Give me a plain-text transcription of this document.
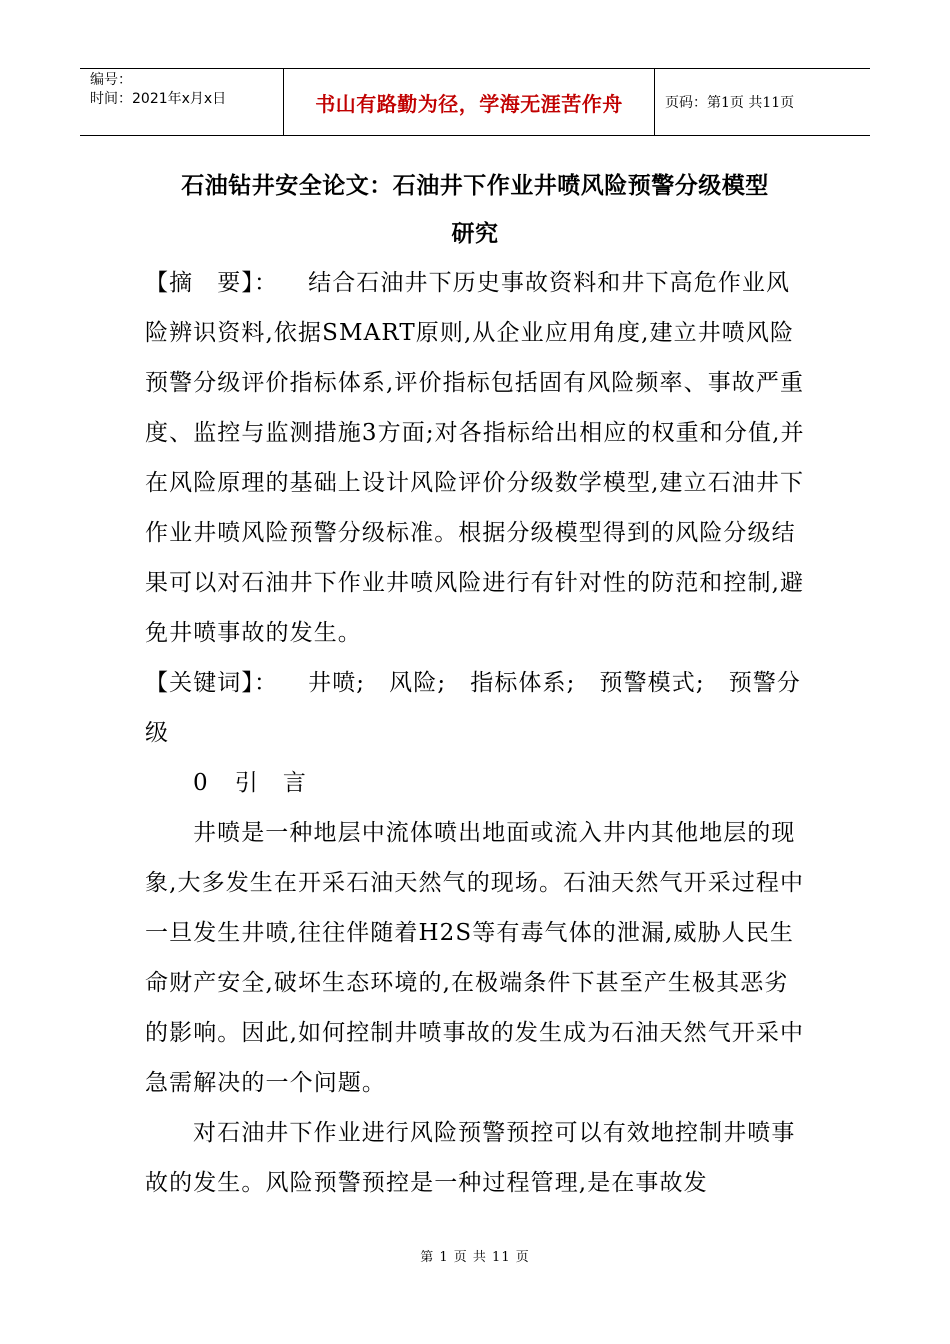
编号：
时间：2021年x月x日	书山有路勤为径，学海无涯苦作舟	页码：第1页 共11页
石油钻井安全论文：石油井下作业井喷风险预警分级模型
研究

【摘　要】： 结合石油井下历史事故资料和井下高危作业风险辨识资料,依据SMART原则,从企业应用角度,建立井喷风险预警分级评价指标体系,评价指标包括固有风险频率、事故严重度、监控与监测措施3方面;对各指标给出相应的权重和分值,并在风险原理的基础上设计风险评价分级数学模型,建立石油井下作业井喷风险预警分级标准。根据分级模型得到的风险分级结果可以对石油井下作业井喷风险进行有针对性的防范和控制,避免井喷事故的发生。

【关键词】： 井喷; 风险; 指标体系; 预警模式; 预警分级

0 引　言

井喷是一种地层中流体喷出地面或流入井内其他地层的现象,大多发生在开采石油天然气的现场。石油天然气开采过程中一旦发生井喷,往往伴随着H2S等有毒气体的泄漏,威胁人民生命财产安全,破坏生态环境的,在极端条件下甚至产生极其恶劣的影响。因此,如何控制井喷事故的发生成为石油天然气开采中急需解决的一个问题。

对石油井下作业进行风险预警预控可以有效地控制井喷事故的发生。风险预警预控是一种过程管理,是在事故发

第 1 页 共 11 页
